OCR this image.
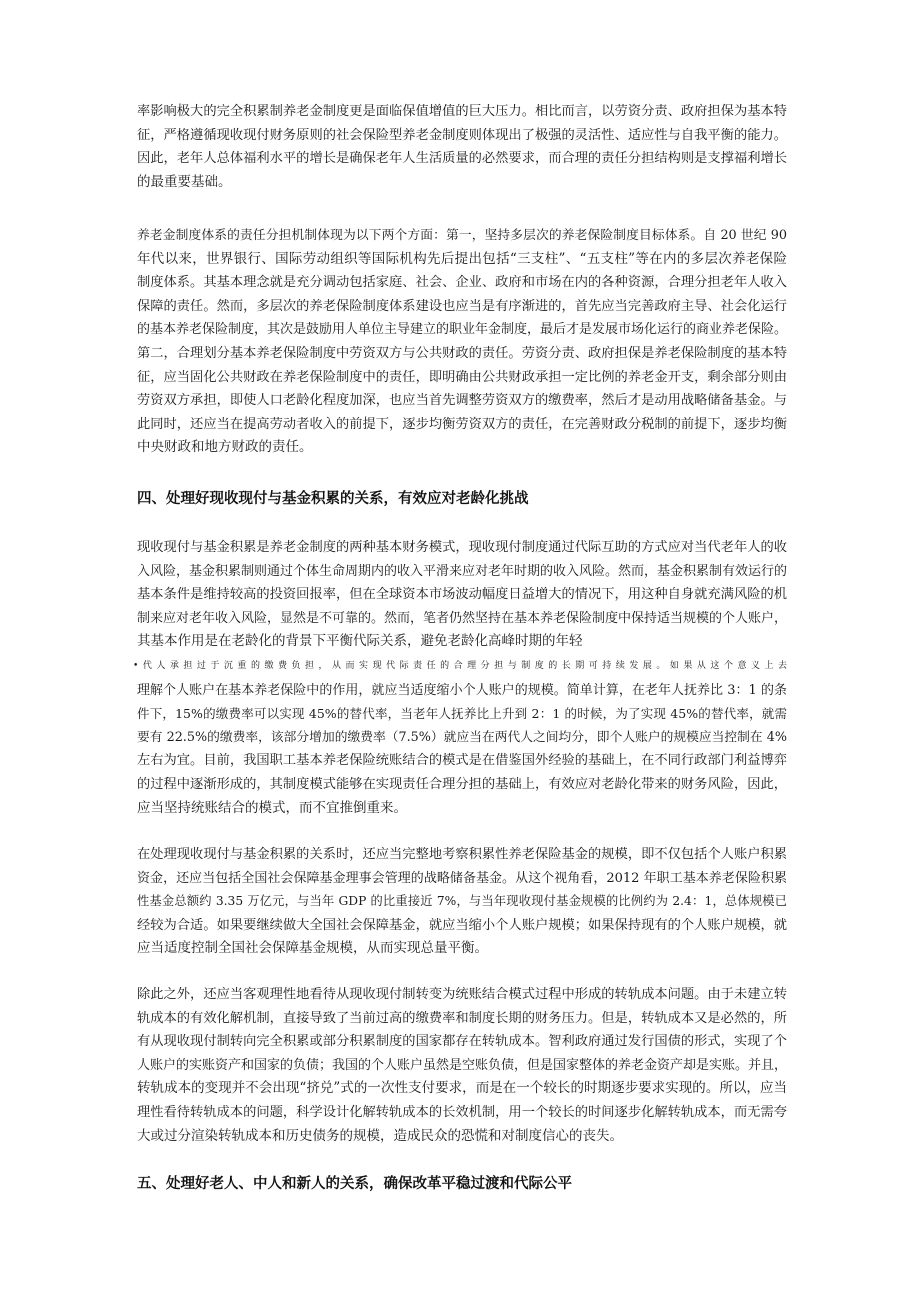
率影响极大的完全积累制养老金制度更是面临保值增值的巨大压力。相比而言，以劳资分责、政府担保为基本特
征，严格遵循现收现付财务原则的社会保险型养老金制度则体现出了极强的灵活性、适应性与自我平衡的能力。
因此，老年人总体福利水平的增长是确保老年人生活质量的必然要求，而合理的责任分担结构则是支撑福利增长
的最重要基础。

养老金制度体系的责任分担机制体现为以下两个方面：第一，坚持多层次的养老保险制度目标体系。自 20 世纪 90
年代以来，世界银行、国际劳动组织等国际机构先后提出包括“三支柱”、“五支柱”等在内的多层次养老保险
制度体系。其基本理念就是充分调动包括家庭、社会、企业、政府和市场在内的各种资源，合理分担老年人收入
保障的责任。然而，多层次的养老保险制度体系建设也应当是有序渐进的，首先应当完善政府主导、社会化运行
的基本养老保险制度，其次是鼓励用人单位主导建立的职业年金制度，最后才是发展市场化运行的商业养老保险。
第二，合理划分基本养老保险制度中劳资双方与公共财政的责任。劳资分责、政府担保是养老保险制度的基本特
征，应当固化公共财政在养老保险制度中的责任，即明确由公共财政承担一定比例的养老金开支，剩余部分则由
劳资双方承担，即使人口老龄化程度加深，也应当首先调整劳资双方的缴费率，然后才是动用战略储备基金。与
此同时，还应当在提高劳动者收入的前提下，逐步均衡劳资双方的责任，在完善财政分税制的前提下，逐步均衡
中央财政和地方财政的责任。

四、处理好现收现付与基金积累的关系，有效应对老龄化挑战

现收现付与基金积累是养老金制度的两种基本财务模式，现收现付制度通过代际互助的方式应对当代老年人的收
入风险，基金积累制则通过个体生命周期内的收入平滑来应对老年时期的收入风险。然而，基金积累制有效运行的
基本条件是维持较高的投资回报率，但在全球资本市场波动幅度日益增大的情况下，用这种自身就充满风险的机
制来应对老年收入风险，显然是不可靠的。然而，笔者仍然坚持在基本养老保险制度中保持适当规模的个人账户，
其基本作用是在老龄化的背景下平衡代际关系，避免老龄化高峰时期的年轻

•代人承担过于沉重的缴费负担，从而实现代际责任的合理分担与制度的长期可持续发展。如果从这个意义上去
理解个人账户在基本养老保险中的作用，就应当适度缩小个人账户的规模。简单计算，在老年人抚养比 3：1 的条
件下，15%的缴费率可以实现 45%的替代率，当老年人抚养比上升到 2：1 的时候，为了实现 45%的替代率，就需
要有 22.5%的缴费率，该部分增加的缴费率（7.5%）就应当在两代人之间均分，即个人账户的规模应当控制在 4%
左右为宜。目前，我国职工基本养老保险统账结合的模式是在借鉴国外经验的基础上，在不同行政部门利益博弈
的过程中逐渐形成的，其制度模式能够在实现责任合理分担的基础上，有效应对老龄化带来的财务风险，因此，
应当坚持统账结合的模式，而不宜推倒重来。

在处理现收现付与基金积累的关系时，还应当完整地考察积累性养老保险基金的规模，即不仅包括个人账户积累
资金，还应当包括全国社会保障基金理事会管理的战略储备基金。从这个视角看，2012 年职工基本养老保险积累
性基金总额约 3.35 万亿元，与当年 GDP 的比重接近 7%，与当年现收现付基金规模的比例约为 2.4：1，总体规模已
经较为合适。如果要继续做大全国社会保障基金，就应当缩小个人账户规模；如果保持现有的个人账户规模，就
应当适度控制全国社会保障基金规模，从而实现总量平衡。

除此之外，还应当客观理性地看待从现收现付制转变为统账结合模式过程中形成的转轨成本问题。由于未建立转
轨成本的有效化解机制，直接导致了当前过高的缴费率和制度长期的财务压力。但是，转轨成本又是必然的，所
有从现收现付制转向完全积累或部分积累制度的国家都存在转轨成本。智利政府通过发行国债的形式，实现了个
人账户的实账资产和国家的负债；我国的个人账户虽然是空账负债，但是国家整体的养老金资产却是实账。并且，
转轨成本的变现并不会出现“挤兑”式的一次性支付要求，而是在一个较长的时期逐步要求实现的。所以，应当
理性看待转轨成本的问题，科学设计化解转轨成本的长效机制，用一个较长的时间逐步化解转轨成本，而无需夸
大或过分渲染转轨成本和历史债务的规模，造成民众的恐慌和对制度信心的丧失。

五、处理好老人、中人和新人的关系，确保改革平稳过渡和代际公平
